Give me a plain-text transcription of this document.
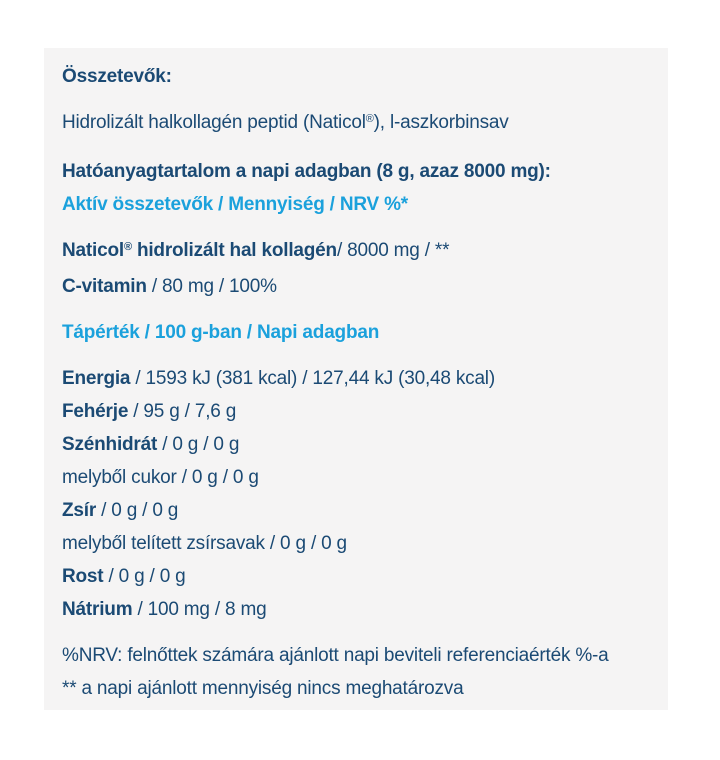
Összetevők:
Hidrolizált halkollagén peptid (Naticol®), l-aszkorbinsav
Hatóanyagtartalom a napi adagban (8 g, azaz 8000 mg):
Aktív összetevők / Mennyiség / NRV %*
Naticol® hidrolizált hal kollagén/ 8000 mg / **
C-vitamin / 80 mg / 100%
Tápérték / 100 g-ban / Napi adagban
Energia / 1593 kJ (381 kcal) / 127,44 kJ (30,48 kcal)
Fehérje / 95 g / 7,6 g
Szénhidrát / 0 g / 0 g
melyből cukor / 0 g / 0 g
Zsír / 0 g / 0 g
melyből telített zsírsavak / 0 g / 0 g
Rost / 0 g / 0 g
Nátrium / 100 mg / 8 mg
%NRV: felnőttek számára ajánlott napi beviteli referenciaérték %-a
** a napi ajánlott mennyiség nincs meghatározva
